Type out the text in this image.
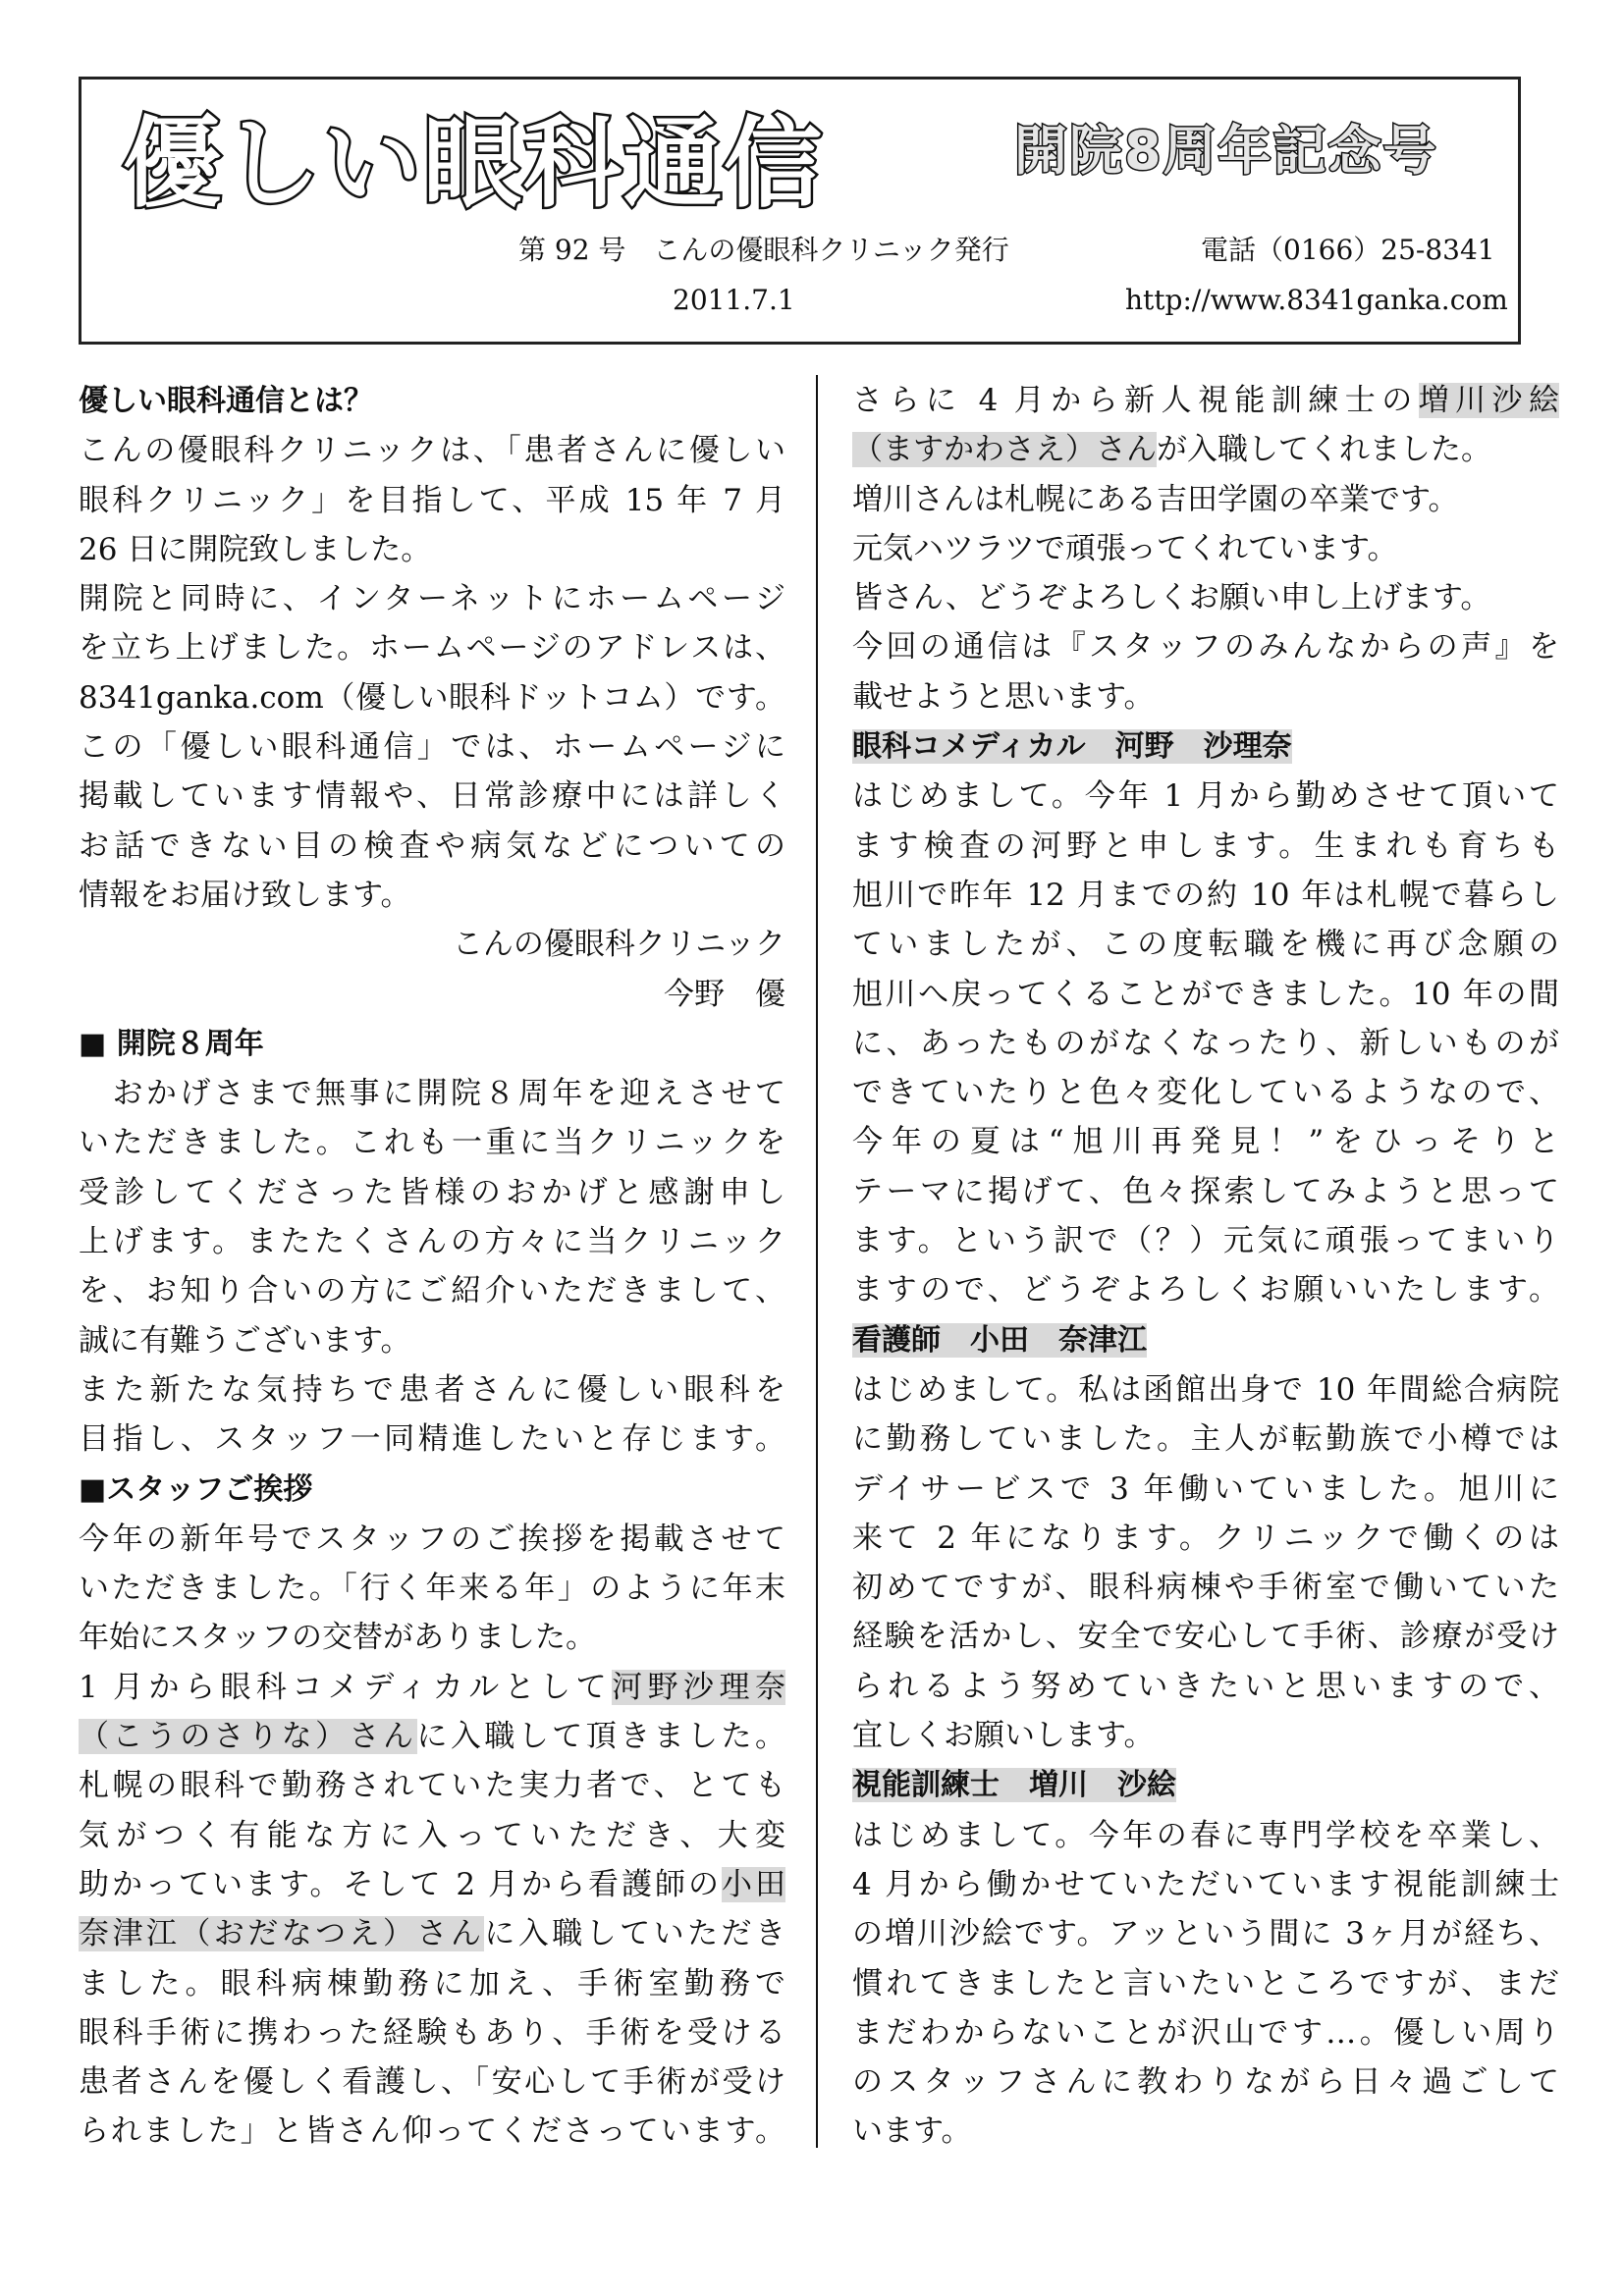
優しい眼科通信	開院8周年記念号
第 92 号　こんの優眼科クリニック発行	電話（0166）25-8341
2011.7.1	http://www.8341ganka.com

優しい眼科通信とは？

こんの優眼科クリニックは、「患者さんに優しい

眼科クリニック」を目指して、平成 15 年 7 月

26 日に開院致しました。

開院と同時に、インターネットにホームページ

を立ち上げました。ホームページのアドレスは、

8341ganka.com（優しい眼科ドットコム）です。

この「優しい眼科通信」では、ホームページに

掲載しています情報や、日常診療中には詳しく

お話できない目の検査や病気などについての

情報をお届け致します。

こんの優眼科クリニック

今野　優

■ 開院８周年

　おかげさまで無事に開院８周年を迎えさせて

いただきました。これも一重に当クリニックを

受診してくださった皆様のおかげと感謝申し

上げます。またたくさんの方々に当クリニック

を、お知り合いの方にご紹介いただきまして、

誠に有難うございます。

また新たな気持ちで患者さんに優しい眼科を

目指し、スタッフ一同精進したいと存じます。

■スタッフご挨拶

今年の新年号でスタッフのご挨拶を掲載させて

いただきました。「行く年来る年」のように年末

年始にスタッフの交替がありました。

1 月から眼科コメディカルとして河野沙理奈

（こうのさりな）さんに入職して頂きました。

札幌の眼科で勤務されていた実力者で、とても

気がつく有能な方に入っていただき、大変

助かっています。そして 2 月から看護師の小田

奈津江（おだなつえ）さんに入職していただき

ました。眼科病棟勤務に加え、手術室勤務で

眼科手術に携わった経験もあり、手術を受ける

患者さんを優しく看護し、「安心して手術が受け

られました」と皆さん仰ってくださっています。

さらに 4 月から新人視能訓練士の増川沙絵

（ますかわさえ）さんが入職してくれました。

増川さんは札幌にある吉田学園の卒業です。

元気ハツラツで頑張ってくれています。

皆さん、どうぞよろしくお願い申し上げます。

今回の通信は『スタッフのみんなからの声』を

載せようと思います。

眼科コメディカル　河野　沙理奈

はじめまして。今年 1 月から勤めさせて頂いて

ます検査の河野と申します。生まれも育ちも

旭川で昨年 12 月までの約 10 年は札幌で暮らし

ていましたが、この度転職を機に再び念願の

旭川へ戻ってくることができました。10 年の間

に、あったものがなくなったり、新しいものが

できていたりと色々変化しているようなので、

今年の夏は“旭川再発見！”をひっそりと

テーマに掲げて、色々探索してみようと思って

ます。という訳で（？）元気に頑張ってまいり

ますので、どうぞよろしくお願いいたします。

看護師　小田　奈津江

はじめまして。私は函館出身で 10 年間総合病院

に勤務していました。主人が転勤族で小樽では

デイサービスで 3 年働いていました。旭川に

来て 2 年になります。クリニックで働くのは

初めてですが、眼科病棟や手術室で働いていた

経験を活かし、安全で安心して手術、診療が受け

られるよう努めていきたいと思いますので、

宜しくお願いします。

視能訓練士　増川　沙絵

はじめまして。今年の春に専門学校を卒業し、

4 月から働かせていただいています視能訓練士

の増川沙絵です。アッという間に 3ヶ月が経ち、

慣れてきましたと言いたいところですが、まだ

まだわからないことが沢山です…。優しい周り

のスタッフさんに教わりながら日々過ごして

います。
